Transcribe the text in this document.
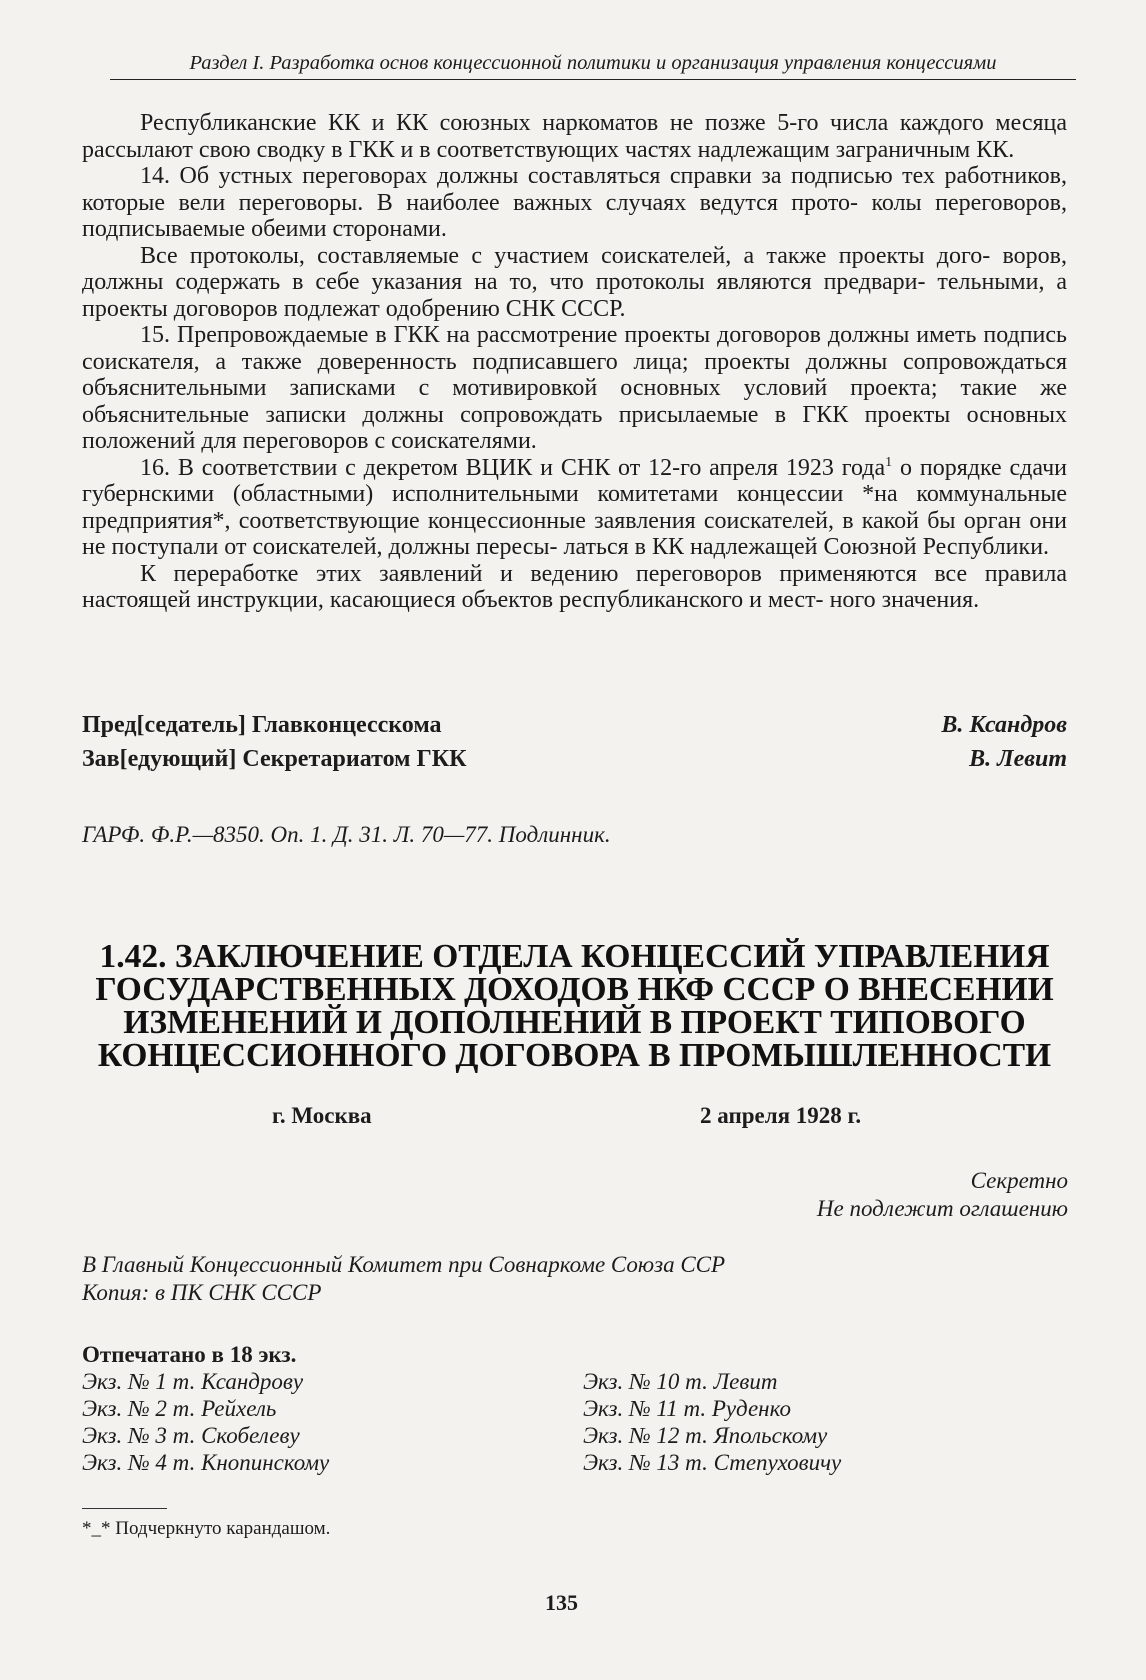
Раздел I. Разработка основ концессионной политики и организация управления концессиями

Республиканские КК и КК союзных наркоматов не позже 5-го числа каждого месяца рассылают свою сводку в ГКК и в соответствующих частях надлежащим заграничным КК.

14. Об устных переговорах должны составляться справки за подписью тех работников, которые вели переговоры. В наиболее важных случаях ведутся прото- колы переговоров, подписываемые обеими сторонами.

Все протоколы, составляемые с участием соискателей, а также проекты дого- воров, должны содержать в себе указания на то, что протоколы являются предвари- тельными, а проекты договоров подлежат одобрению СНК СССР.

15. Препровождаемые в ГКК на рассмотрение проекты договоров должны иметь подпись соискателя, а также доверенность подписавшего лица; проекты должны сопровождаться объяснительными записками с мотивировкой основных условий проекта; такие же объяснительные записки должны сопровождать присылаемые в ГКК проекты основных положений для переговоров с соискателями.

16. В соответствии с декретом ВЦИК и СНК от 12-го апреля 1923 года$^1$ о порядке сдачи губернскими (областными) исполнительными комитетами концессии *на коммунальные предприятия*, соответствующие концессионные заявления соискателей, в какой бы орган они не поступали от соискателей, должны пересы- латься в КК надлежащей Союзной Республики.

К переработке этих заявлений и ведению переговоров применяются все правила настоящей инструкции, касающиеся объектов республиканского и мест- ного значения.

Пред[седатель] Главконцесскома	В. Ксандров
Зав[едующий] Секретариатом ГКК	В. Левит
ГАРФ. Ф.Р.—8350. Оп. 1. Д. 31. Л. 70—77. Подлинник.
1.42. ЗАКЛЮЧЕНИЕ ОТДЕЛА КОНЦЕССИЙ УПРАВЛЕНИЯ
ГОСУДАРСТВЕННЫХ ДОХОДОВ НКФ СССР О ВНЕСЕНИИ
ИЗМЕНЕНИЙ И ДОПОЛНЕНИЙ В ПРОЕКТ ТИПОВОГО
КОНЦЕССИОННОГО ДОГОВОРА В ПРОМЫШЛЕННОСТИ
г. Москва	2 апреля 1928 г.
Секретно
Не подлежит оглашению
В Главный Концессионный Комитет при Совнаркоме Союза ССР
Копия: в ПК СНК СССР
Отпечатано в 18 экз.
Экз. № 1 т. Ксандрову
Экз. № 2 т. Рейхель
Экз. № 3 т. Скобелеву
Экз. № 4 т. Кнопинскому
Экз. № 10 т. Левит
Экз. № 11 т. Руденко
Экз. № 12 т. Япольскому
Экз. № 13 т. Степуховичу
*_* Подчеркнуто карандашом.
135
